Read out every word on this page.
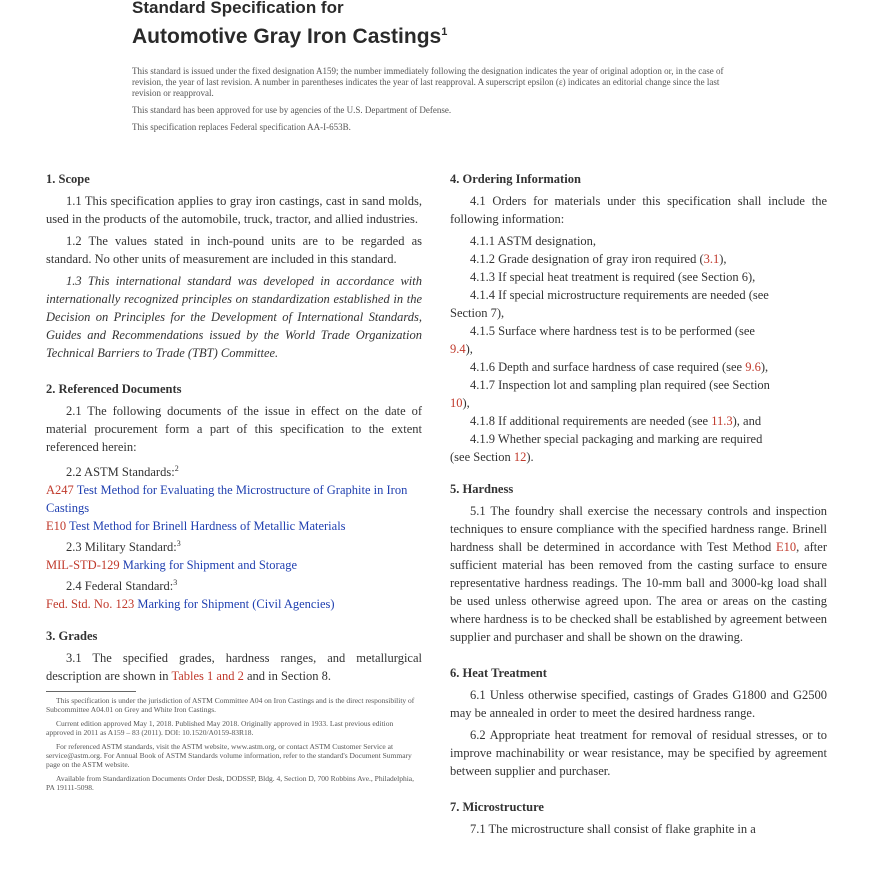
Standard Specification for
Automotive Gray Iron Castings$^1$

This standard is issued under the fixed designation A159; the number immediately following the designation indicates the year of original adoption or, in the case of revision, the year of last revision. A number in parentheses indicates the year of last reapproval. A superscript epsilon (ε) indicates an editorial change since the last revision or reapproval.

This standard has been approved for use by agencies of the U.S. Department of Defense.

This specification replaces Federal specification AA-I-653B.

1. Scope

1.1 This specification applies to gray iron castings, cast in sand molds, used in the products of the automobile, truck, tractor, and allied industries.

1.2 The values stated in inch-pound units are to be regarded as standard. No other units of measurement are included in this standard.

1.3 This international standard was developed in accordance with internationally recognized principles on standardization established in the Decision on Principles for the Development of International Standards, Guides and Recommendations issued by the World Trade Organization Technical Barriers to Trade (TBT) Committee.

2. Referenced Documents

2.1 The following documents of the issue in effect on the date of material procurement form a part of this specification to the extent referenced herein:

2.2 ASTM Standards:$^2$

A247 Test Method for Evaluating the Microstructure of Graphite in Iron Castings

E10 Test Method for Brinell Hardness of Metallic Materials

2.3 Military Standard:$^3$

MIL-STD-129 Marking for Shipment and Storage

2.4 Federal Standard:$^3$

Fed. Std. No. 123 Marking for Shipment (Civil Agencies)

3. Grades

3.1 The specified grades, hardness ranges, and metallurgical description are shown in Tables 1 and 2 and in Section 8.

This specification is under the jurisdiction of ASTM Committee A04 on Iron Castings and is the direct responsibility of Subcommittee A04.01 on Grey and White Iron Castings.

Current edition approved May 1, 2018. Published May 2018. Originally approved in 1933. Last previous edition approved in 2011 as A159 – 83 (2011). DOI: 10.1520/A0159-83R18.

For referenced ASTM standards, visit the ASTM website, www.astm.org, or contact ASTM Customer Service at service@astm.org. For Annual Book of ASTM Standards volume information, refer to the standard's Document Summary page on the ASTM website.

Available from Standardization Documents Order Desk, DODSSP, Bldg. 4, Section D, 700 Robbins Ave., Philadelphia, PA 19111-5098.

4. Ordering Information

4.1 Orders for materials under this specification shall include the following information:

4.1.1 ASTM designation,

4.1.2 Grade designation of gray iron required (3.1),

4.1.3 If special heat treatment is required (see Section 6),

4.1.4 If special microstructure requirements are needed (see

Section 7),

4.1.5 Surface where hardness test is to be performed (see

9.4),

4.1.6 Depth and surface hardness of case required (see 9.6),

4.1.7 Inspection lot and sampling plan required (see Section

10),

4.1.8 If additional requirements are needed (see 11.3), and

4.1.9 Whether special packaging and marking are required

(see Section 12).

5. Hardness

5.1 The foundry shall exercise the necessary controls and inspection techniques to ensure compliance with the specified hardness range. Brinell hardness shall be determined in accordance with Test Method E10, after sufficient material has been removed from the casting surface to ensure representative hardness readings. The 10-mm ball and 3000-kg load shall be used unless otherwise agreed upon. The area or areas on the casting where hardness is to be checked shall be established by agreement between supplier and purchaser and shall be shown on the drawing.

6. Heat Treatment

6.1 Unless otherwise specified, castings of Grades G1800 and G2500 may be annealed in order to meet the desired hardness range.

6.2 Appropriate heat treatment for removal of residual stresses, or to improve machinability or wear resistance, may be specified by agreement between supplier and purchaser.

7. Microstructure

7.1 The microstructure shall consist of flake graphite in a
